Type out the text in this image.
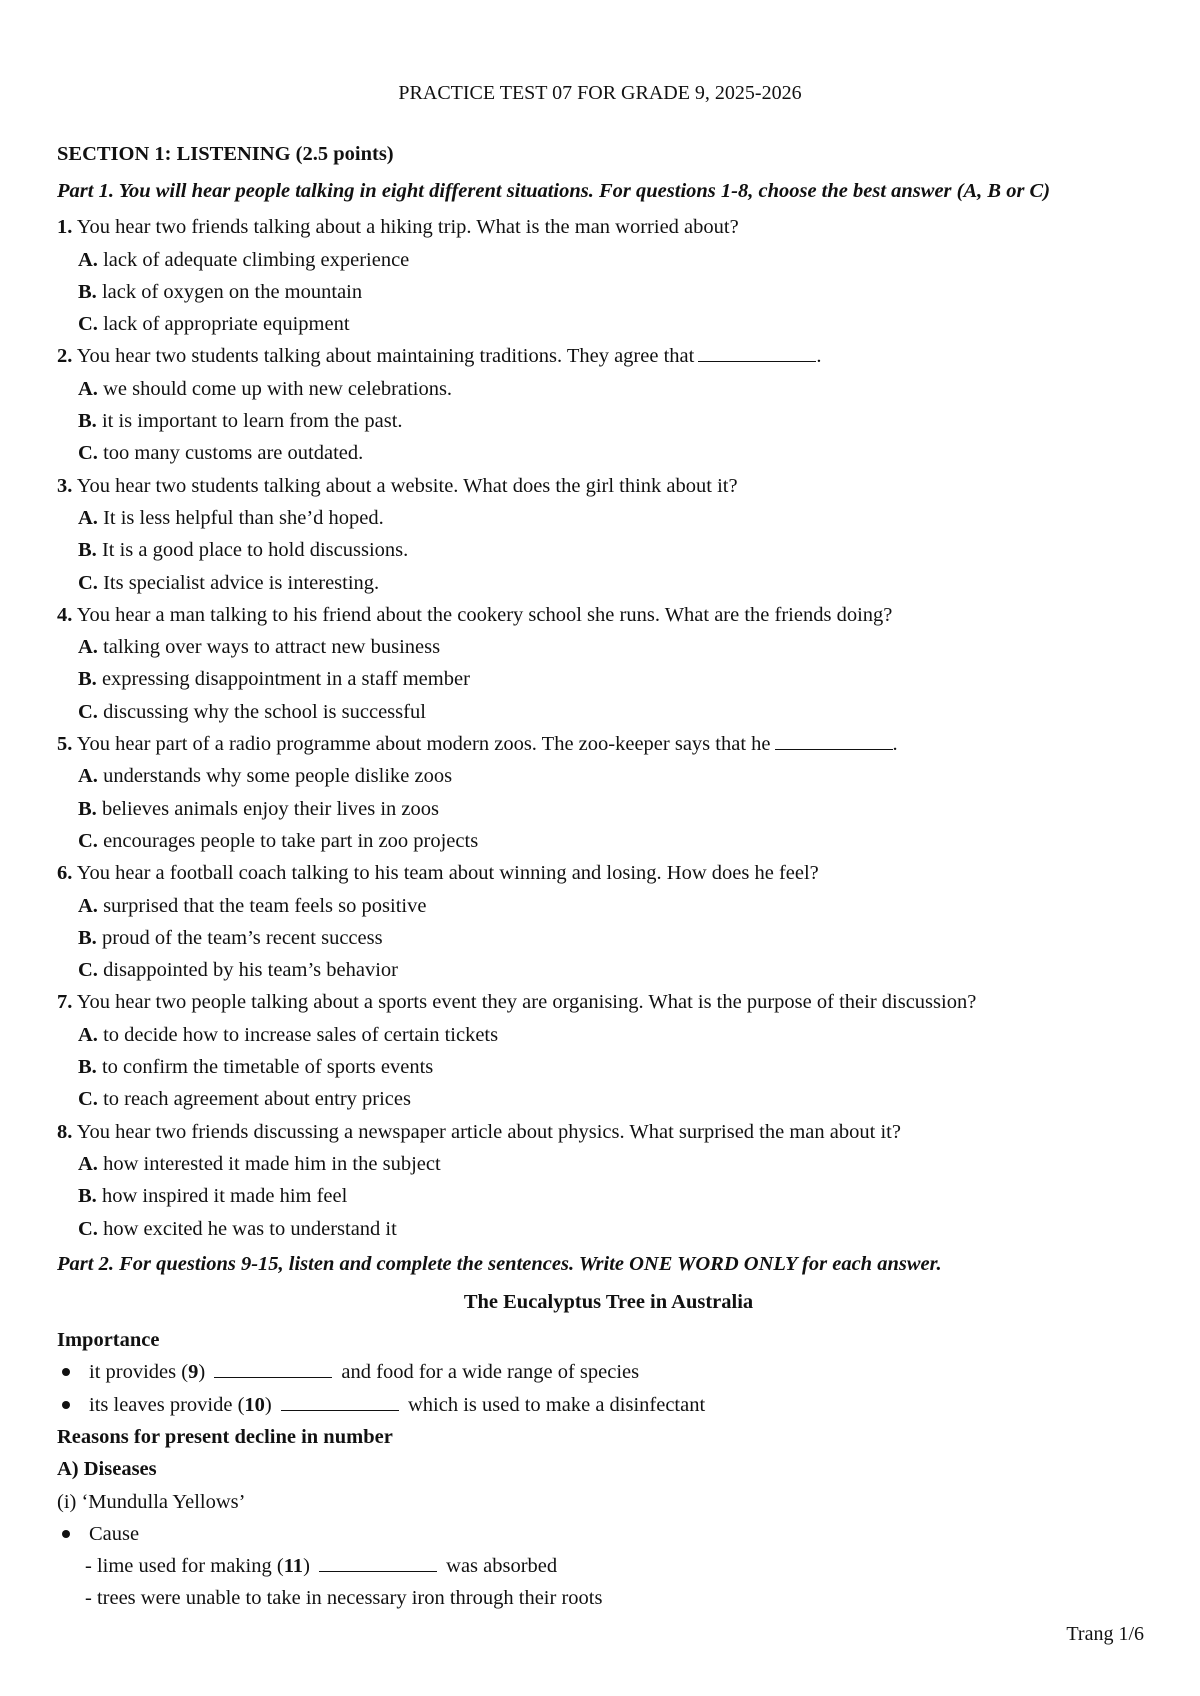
PRACTICE TEST 07 FOR GRADE 9, 2025-2026
SECTION 1: LISTENING (2.5 points)
Part 1. You will hear people talking in eight different situations. For questions 1-8, choose the best answer (A, B or C)
1. You hear two friends talking about a hiking trip. What is the man worried about?
A. lack of adequate climbing experience
B. lack of oxygen on the mountain
C. lack of appropriate equipment
2. You hear two students talking about maintaining traditions. They agree that	.
A. we should come up with new celebrations.
B. it is important to learn from the past.
C. too many customs are outdated.
3. You hear two students talking about a website. What does the girl think about it?
A. It is less helpful than she’d hoped.
B. It is a good place to hold discussions.
C. Its specialist advice is interesting.
4. You hear a man talking to his friend about the cookery school she runs. What are the friends doing?
A. talking over ways to attract new business
B. expressing disappointment in a staff member
C. discussing why the school is successful
5. You hear part of a radio programme about modern zoos. The zoo-keeper says that he	.
A. understands why some people dislike zoos
B. believes animals enjoy their lives in zoos
C. encourages people to take part in zoo projects
6. You hear a football coach talking to his team about winning and losing. How does he feel?
A. surprised that the team feels so positive
B. proud of the team’s recent success
C. disappointed by his team’s behavior
7. You hear two people talking about a sports event they are organising. What is the purpose of their discussion?
A. to decide how to increase sales of certain tickets
B. to confirm the timetable of sports events
C. to reach agreement about entry prices
8. You hear two friends discussing a newspaper article about physics. What surprised the man about it?
A. how interested it made him in the subject
B. how inspired it made him feel
C. how excited he was to understand it
Part 2. For questions 9-15, listen and complete the sentences. Write ONE WORD ONLY for each answer.
The Eucalyptus Tree in Australia
Importance
it provides (9)	and food for a wide range of species
its leaves provide (10)	which is used to make a disinfectant
Reasons for present decline in number
A) Diseases
(i) ‘Mundulla Yellows’
Cause
- lime used for making (11)	was absorbed
- trees were unable to take in necessary iron through their roots
Trang 1/6
